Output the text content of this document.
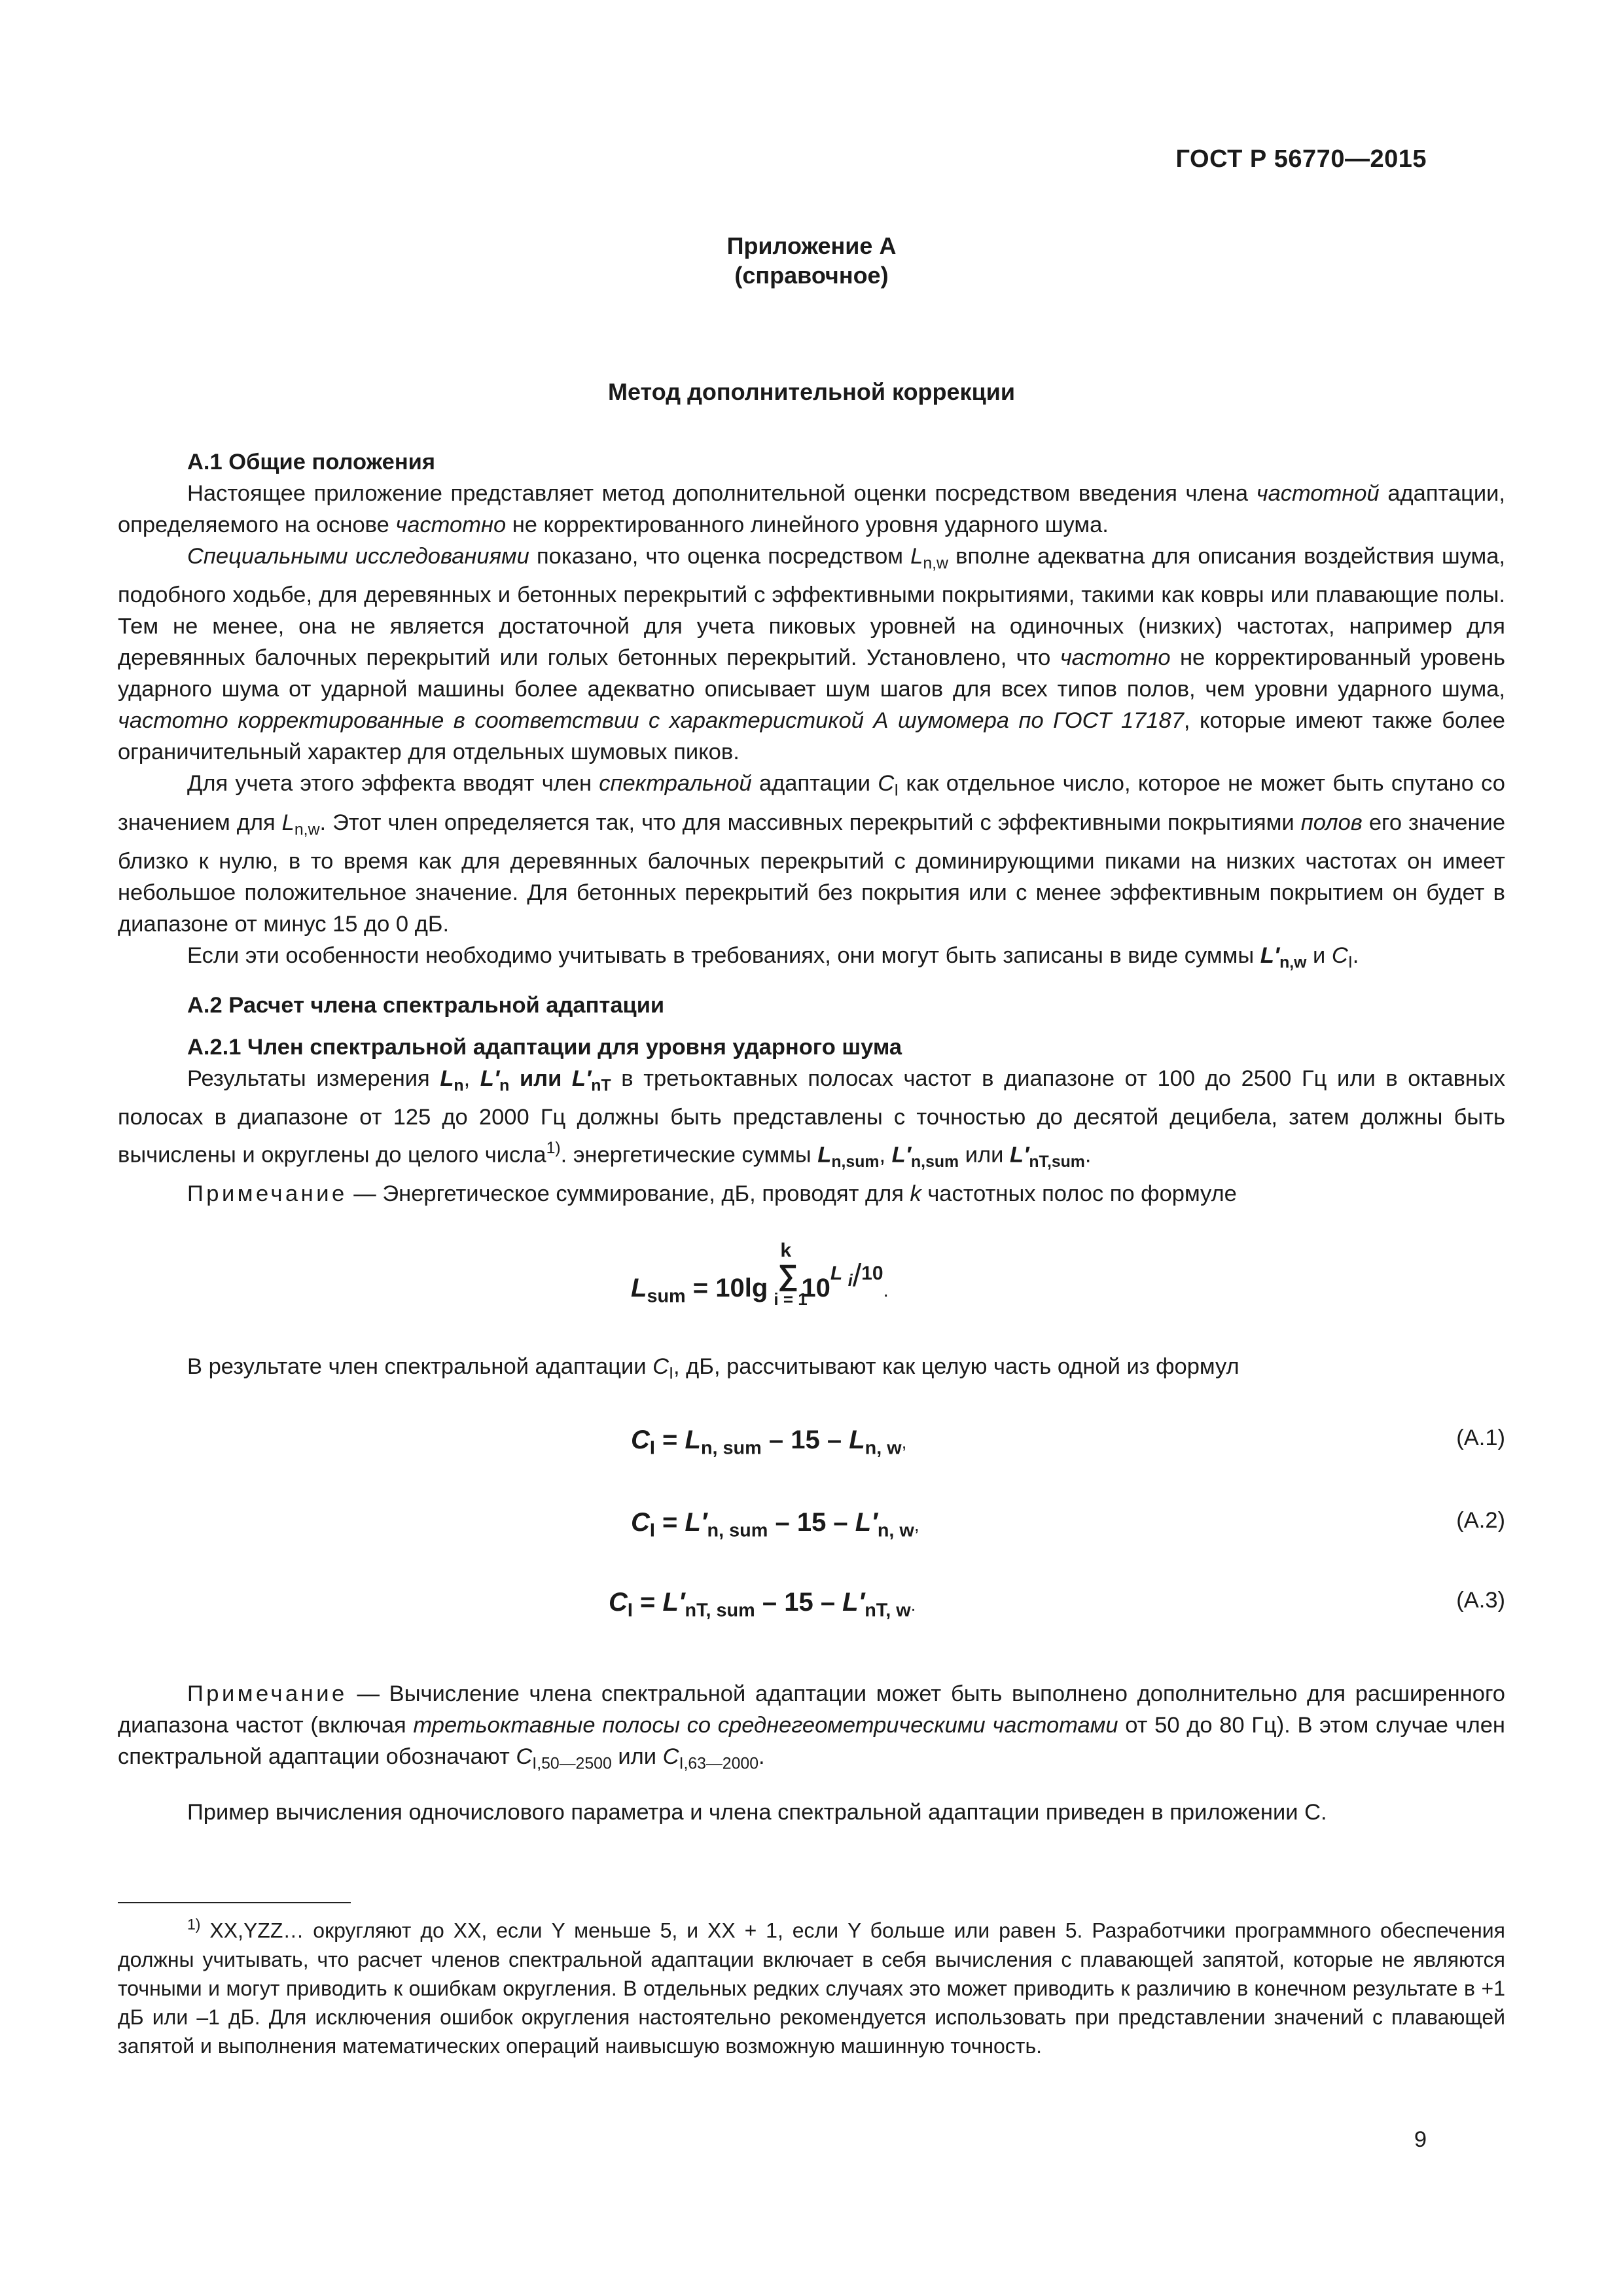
ГОСТ Р 56770—2015
Приложение А
(справочное)
Метод дополнительной коррекции

А.1 Общие положения

Настоящее приложение представляет метод дополнительной оценки посредством введения члена частотной адаптации, определяемого на основе частотно не корректированного линейного уровня ударного шума.

Специальными исследованиями показано, что оценка посредством $L_{n,w}$ вполне адекватна для описания воздействия шума, подобного ходьбе, для деревянных и бетонных перекрытий с эффективными покрытиями, такими как ковры или плавающие полы. Тем не менее, она не является достаточной для учета пиковых уровней на одиночных (низких) частотах, например для деревянных балочных перекрытий или голых бетонных перекрытий. Установлено, что частотно не корректированный уровень ударного шума от ударной машины более адекватно описывает шум шагов для всех типов полов, чем уровни ударного шума, частотно корректированные в соответствии с характеристикой А шумомера по ГОСТ 17187, которые имеют также более ограничительный характер для отдельных шумовых пиков.

Для учета этого эффекта вводят член спектральной адаптации $C_I$ как отдельное число, которое не может быть спутано со значением для $L_{n,w}$. Этот член определяется так, что для массивных перекрытий с эффективными покрытиями полов его значение близко к нулю, в то время как для деревянных балочных перекрытий с доминирующими пиками на низких частотах он имеет небольшое положительное значение. Для бетонных перекрытий без покрытия или с менее эффективным покрытием он будет в диапазоне от минус 15 до 0 дБ.

Если эти особенности необходимо учитывать в требованиях, они могут быть записаны в виде суммы $L'_{n,w}$ и $C_I$.

А.2 Расчет члена спектральной адаптации

А.2.1 Член спектральной адаптации для уровня ударного шума

Результаты измерения $L_n$, $L'_n$ или $L'_{nT}$ в третьоктавных полосах частот в диапазоне от 100 до 2500 Гц или в октавных полосах в диапазоне от 125 до 2000 Гц должны быть представлены с точностью до десятой децибела, затем должны быть вычислены и округлены до целого числа$^{1)}$. энергетические суммы $L_{n,sum}$, $L'_{n,sum}$ или $L'_{nT,sum}$.

Примечание — Энергетическое суммирование, дБ, проводят для k частотных полос по формуле

$L_{sum} = 10\lg$
k
∑
i = 1
$10^{L i/10}$.

В результате член спектральной адаптации $C_I$, дБ, рассчитывают как целую часть одной из формул

$C_I = L_{n, sum} - 15 - L_{n, w}$,	(A.1)
$C_I = L'_{n, sum} - 15 - L'_{n, w}$,	(A.2)
$C_I = L'_{nT, sum} - 15 - L'_{nT, w}$.	(A.3)

Примечание — Вычисление члена спектральной адаптации может быть выполнено дополнительно для расширенного диапазона частот (включая третьоктавные полосы со среднегеометрическими частотами от 50 до 80 Гц). В этом случае член спектральной адаптации обозначают $C_{I,50—2500}$ или $C_{I,63—2000}$.

Пример вычисления одночислового параметра и члена спектральной адаптации приведен в приложении С.

$^{1)}$ XX,YZZ… округляют до XX, если Y меньше 5, и XX + 1, если Y больше или равен 5. Разработчики программного обеспечения должны учитывать, что расчет членов спектральной адаптации включает в себя вычисления с плавающей запятой, которые не являются точными и могут приводить к ошибкам округления. В отдельных редких случаях это может приводить к различию в конечном результате в +1 дБ или –1 дБ. Для исключения ошибок округления настоятельно рекомендуется использовать при представлении значений с плавающей запятой и выполнения математических операций наивысшую возможную машинную точность.

9
